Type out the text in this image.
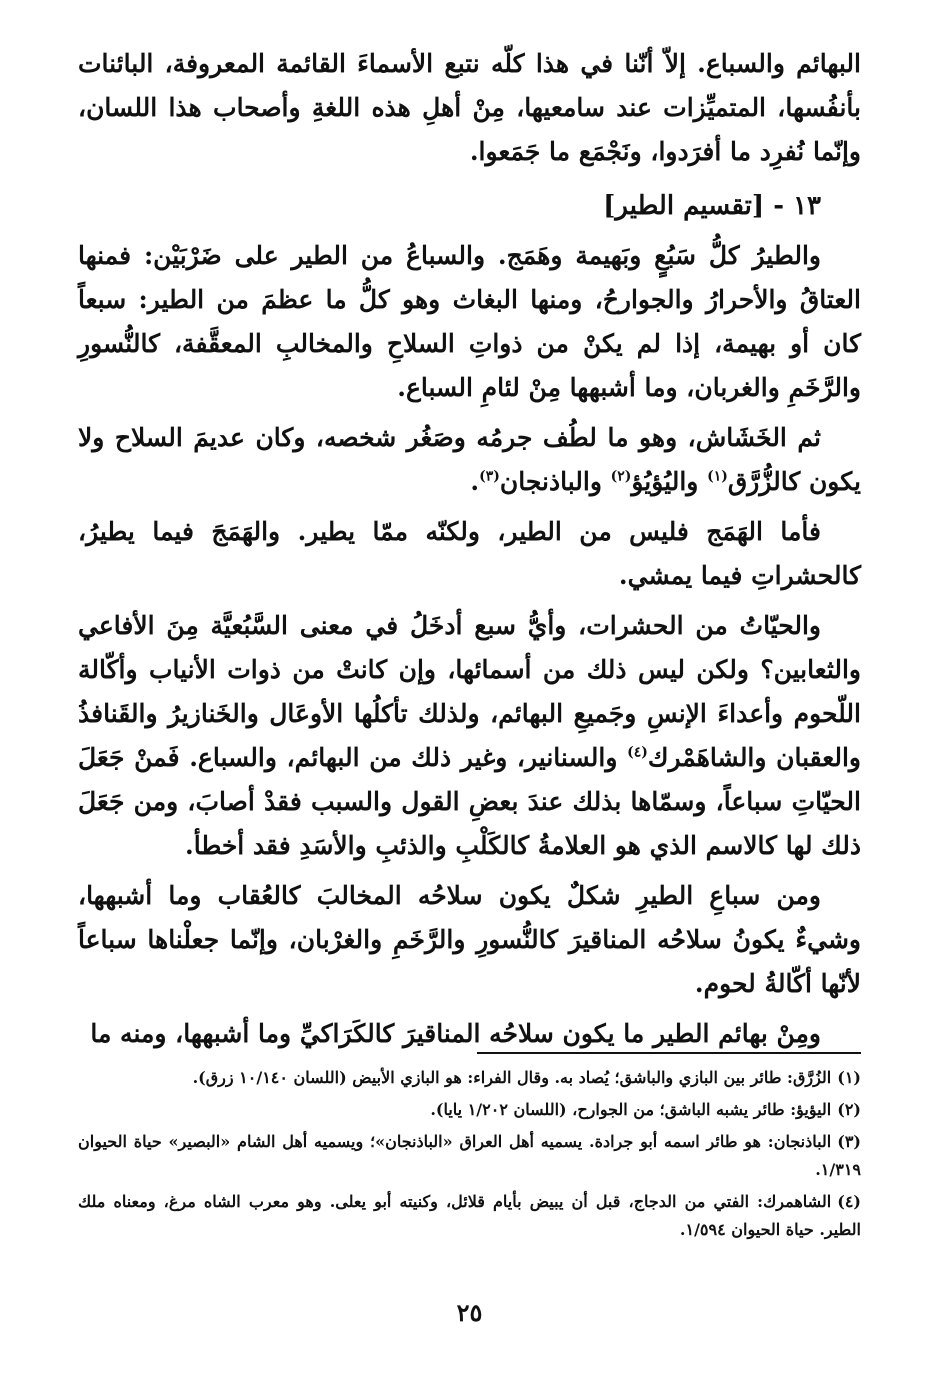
البهائم والسباع. إلاّ أنّنا في هذا كلّه نتبع الأسماءَ القائمة المعروفة، البائنات بأنفُسها، المتميِّزات عند سامعيها، مِنْ أهلِ هذه اللغةِ وأصحاب هذا اللسان، وإنّما نُفرِد ما أفرَدوا، ونَجْمَع ما جَمَعوا.

١٣ - [تقسيم الطير]

والطيرُ كلُّ سَبُعٍ وبَهيمة وهَمَج. والسباعُ من الطير على ضَرْبَيْن: فمنها العتاقُ والأحرارُ والجوارحُ، ومنها البغاث وهو كلُّ ما عظمَ من الطير: سبعاً كان أو بهيمة، إذا لم يكنْ من ذواتِ السلاحِ والمخالبِ المعقَّفة، كالنُّسورِ والرَّخَمِ والغربان، وما أشبهها مِنْ لئامِ السباع.

ثم الخَشَاش، وهو ما لطُف جرمُه وصَغُر شخصه، وكان عديمَ السلاح ولا يكون كالزُّرَّق$^{(١)}$ واليُؤيُؤ$^{(٢)}$ والباذنجان$^{(٣)}$.

فأما الهَمَج فليس من الطير، ولكنّه ممّا يطير. والهَمَجَ فيما يطيرُ، كالحشراتِ فيما يمشي.

والحيّاتُ من الحشرات، وأيُّ سبع أدخَلُ في معنى السَّبُعيَّة مِنَ الأفاعي والثعابين؟ ولكن ليس ذلك من أسمائها، وإن كانتْ من ذوات الأنياب وأكّالة اللّحوم وأعداءَ الإنسِ وجَميعِ البهائم، ولذلك تأكلُها الأوعَال والخَنازيرُ والقَنافذُ والعقبان والشاهَمْرك$^{(٤)}$ والسنانير، وغير ذلك من البهائم، والسباع. فَمنْ جَعَلَ الحيّاتِ سباعاً، وسمّاها بذلك عندَ بعضِ القول والسبب فقدْ أصابَ، ومن جَعَلَ ذلك لها كالاسم الذي هو العلامةُ كالكَلْبِ والذئبِ والأسَدِ فقد أخطأ.

ومن سباعِ الطيرِ شكلٌ يكون سلاحُه المخالبَ كالعُقاب وما أشبهها، وشيءٌ يكونُ سلاحُه المناقيرَ كالنُّسورِ والرَّخَمِ والغرْبان، وإنّما جعلْناها سباعاً لأنّها أكّالةُ لحوم.

ومِنْ بهائم الطير ما يكون سلاحُه المناقيرَ كالكَرَاكيِّ وما أشبهها، ومنه ما

(١)الزُرَّق: طائر بين البازي والباشق؛ يُصاد به. وقال الفراء: هو البازي الأبيض (اللسان ١٠/١٤٠ زرق).

(٢)اليؤيؤ: طائر يشبه الباشق؛ من الجوارح، (اللسان ١/٢٠٢ يايا).

(٣)الباذنجان: هو طائر اسمه أبو جرادة. يسميه أهل العراق «الباذنجان»؛ ويسميه أهل الشام «البصير» حياة الحيوان ١/٣١٩.

(٤)الشاهمرك: الفتي من الدجاج، قبل أن يبيض بأيام قلائل، وكنيته أبو يعلى. وهو معرب الشاه مرغ، ومعناه ملك الطير. حياة الحيوان ١/٥٩٤.

٢٥
